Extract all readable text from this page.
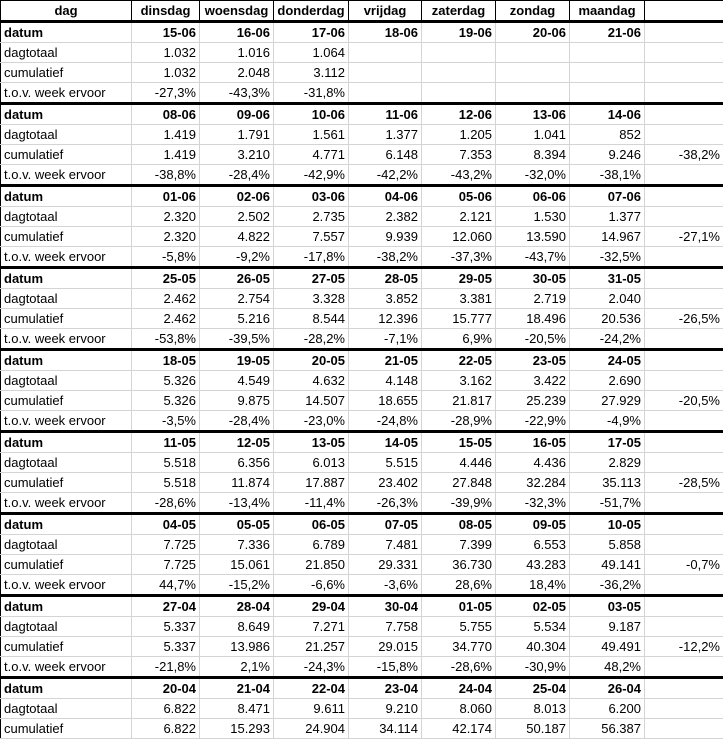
dag	dinsdag	woensdag	donderdag	vrijdag	zaterdag	zondag	maandag	
datum	15-06	16-06	17-06	18-06	19-06	20-06	21-06	
dagtotaal	1.032	1.016	1.064					
cumulatief	1.032	2.048	3.112					
t.o.v. week ervoor	-27,3%	-43,3%	-31,8%					
datum	08-06	09-06	10-06	11-06	12-06	13-06	14-06	
dagtotaal	1.419	1.791	1.561	1.377	1.205	1.041	852	
cumulatief	1.419	3.210	4.771	6.148	7.353	8.394	9.246	-38,2%
t.o.v. week ervoor	-38,8%	-28,4%	-42,9%	-42,2%	-43,2%	-32,0%	-38,1%	
datum	01-06	02-06	03-06	04-06	05-06	06-06	07-06	
dagtotaal	2.320	2.502	2.735	2.382	2.121	1.530	1.377	
cumulatief	2.320	4.822	7.557	9.939	12.060	13.590	14.967	-27,1%
t.o.v. week ervoor	-5,8%	-9,2%	-17,8%	-38,2%	-37,3%	-43,7%	-32,5%	
datum	25-05	26-05	27-05	28-05	29-05	30-05	31-05	
dagtotaal	2.462	2.754	3.328	3.852	3.381	2.719	2.040	
cumulatief	2.462	5.216	8.544	12.396	15.777	18.496	20.536	-26,5%
t.o.v. week ervoor	-53,8%	-39,5%	-28,2%	-7,1%	6,9%	-20,5%	-24,2%	
datum	18-05	19-05	20-05	21-05	22-05	23-05	24-05	
dagtotaal	5.326	4.549	4.632	4.148	3.162	3.422	2.690	
cumulatief	5.326	9.875	14.507	18.655	21.817	25.239	27.929	-20,5%
t.o.v. week ervoor	-3,5%	-28,4%	-23,0%	-24,8%	-28,9%	-22,9%	-4,9%	
datum	11-05	12-05	13-05	14-05	15-05	16-05	17-05	
dagtotaal	5.518	6.356	6.013	5.515	4.446	4.436	2.829	
cumulatief	5.518	11.874	17.887	23.402	27.848	32.284	35.113	-28,5%
t.o.v. week ervoor	-28,6%	-13,4%	-11,4%	-26,3%	-39,9%	-32,3%	-51,7%	
datum	04-05	05-05	06-05	07-05	08-05	09-05	10-05	
dagtotaal	7.725	7.336	6.789	7.481	7.399	6.553	5.858	
cumulatief	7.725	15.061	21.850	29.331	36.730	43.283	49.141	-0,7%
t.o.v. week ervoor	44,7%	-15,2%	-6,6%	-3,6%	28,6%	18,4%	-36,2%	
datum	27-04	28-04	29-04	30-04	01-05	02-05	03-05	
dagtotaal	5.337	8.649	7.271	7.758	5.755	5.534	9.187	
cumulatief	5.337	13.986	21.257	29.015	34.770	40.304	49.491	-12,2%
t.o.v. week ervoor	-21,8%	2,1%	-24,3%	-15,8%	-28,6%	-30,9%	48,2%	
datum	20-04	21-04	22-04	23-04	24-04	25-04	26-04	
dagtotaal	6.822	8.471	9.611	9.210	8.060	8.013	6.200	
cumulatief	6.822	15.293	24.904	34.114	42.174	50.187	56.387	
